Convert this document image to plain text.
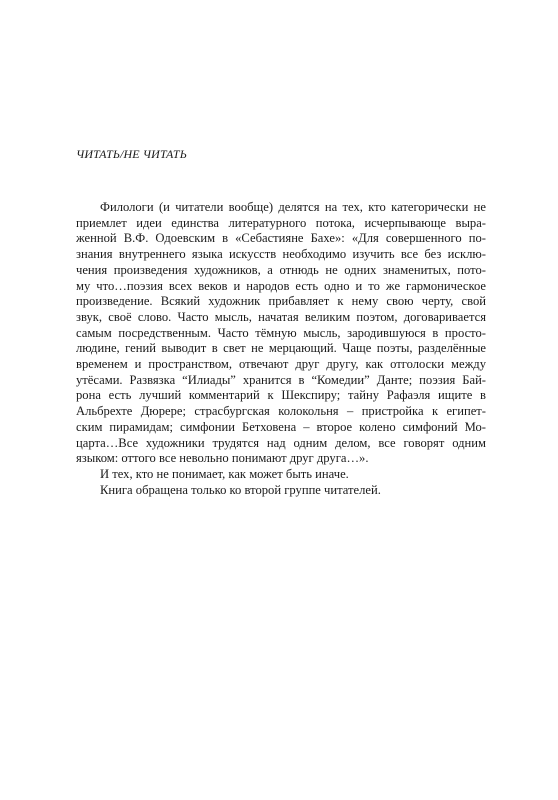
ЧИТАТЬ/НЕ ЧИТАТЬ

Филологи (и читатели вообще) делятся на тех, кто категорически не
приемлет идеи единства литературного потока, исчерпывающе выра-
женной В.Ф. Одоевским в «Себастияне Бахе»: «Для совершенного по-
знания внутреннего языка искусств необходимо изучить все без исклю-
чения произведения художников, а отнюдь не одних знаменитых, пото-
му что…поэзия всех веков и народов есть одно и то же гармоническое
произведение. Всякий художник прибавляет к нему свою черту, свой
звук, своё слово. Часто мысль, начатая великим поэтом, договаривается
самым посредственным. Часто тёмную мысль, зародившуюся в просто-
людине, гений выводит в свет не мерцающий. Чаще поэты, разделённые
временем и пространством, отвечают друг другу, как отголоски между
утёсами. Развязка “Илиады” хранится в “Комедии” Данте; поэзия Бай-
рона есть лучший комментарий к Шекспиру; тайну Рафаэля ищите в
Альбрехте Дюрере; страсбургская колокольня – пристройка к египет-
ским пирамидам; симфонии Бетховена – второе колено симфоний Мо-
царта…Все художники трудятся над одним делом, все говорят одним
языком: оттого все невольно понимают друг друга…».

И тех, кто не понимает, как может быть иначе.

Книга обращена только ко второй группе читателей.
